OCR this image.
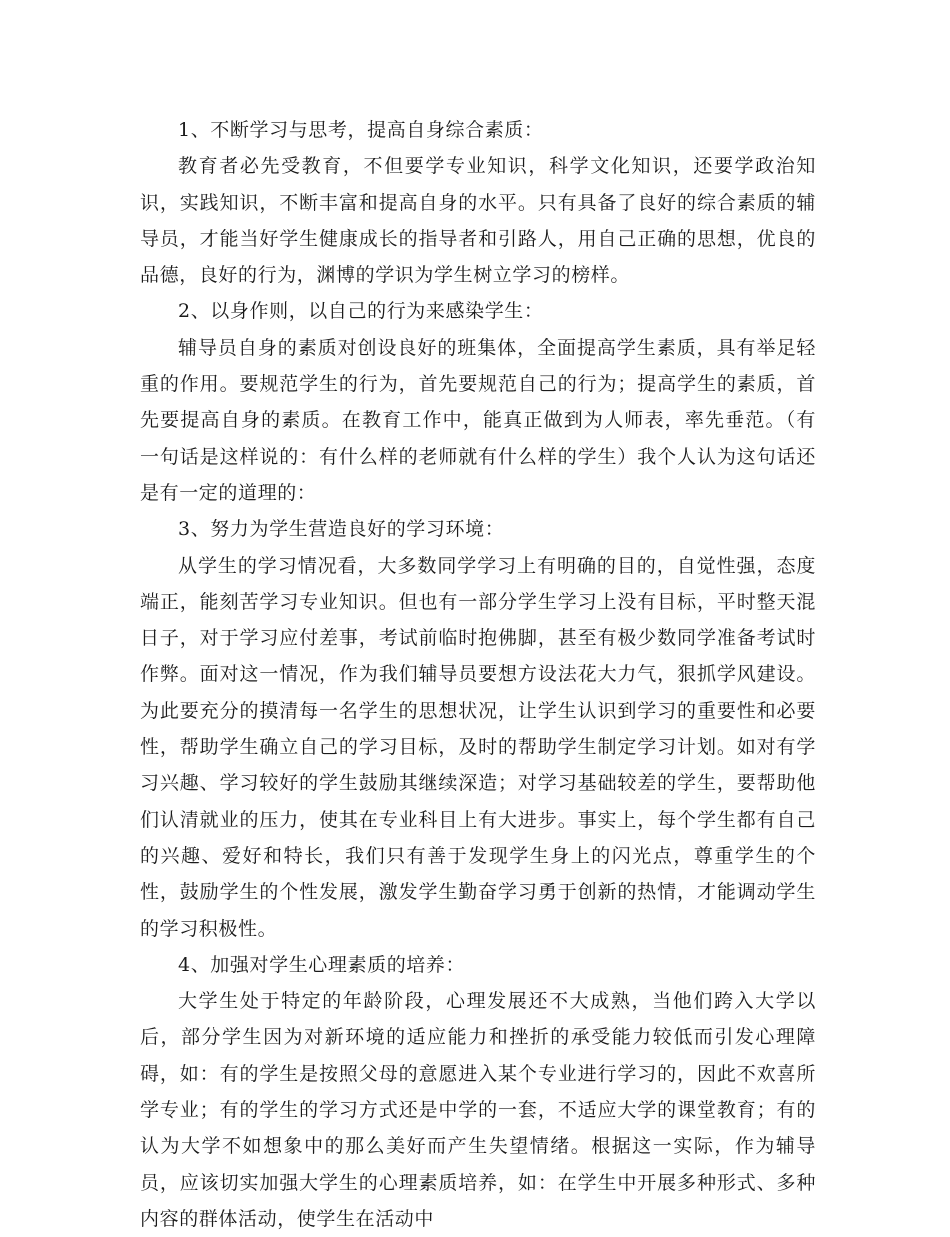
1、不断学习与思考，提高自身综合素质：

教育者必先受教育，不但要学专业知识，科学文化知识，还要学政治知识，实践知识，不断丰富和提高自身的水平。只有具备了良好的综合素质的辅导员，才能当好学生健康成长的指导者和引路人，用自己正确的思想，优良的品德，良好的行为，渊博的学识为学生树立学习的榜样。

2、以身作则，以自己的行为来感染学生：

辅导员自身的素质对创设良好的班集体，全面提高学生素质，具有举足轻重的作用。要规范学生的行为，首先要规范自己的行为；提高学生的素质，首先要提高自身的素质。在教育工作中，能真正做到为人师表，率先垂范。（有一句话是这样说的：有什么样的老师就有什么样的学生）我个人认为这句话还是有一定的道理的：

3、努力为学生营造良好的学习环境：

从学生的学习情况看，大多数同学学习上有明确的目的，自觉性强，态度端正，能刻苦学习专业知识。但也有一部分学生学习上没有目标，平时整天混日子，对于学习应付差事，考试前临时抱佛脚，甚至有极少数同学准备考试时作弊。面对这一情况，作为我们辅导员要想方设法花大力气，狠抓学风建设。为此要充分的摸清每一名学生的思想状况，让学生认识到学习的重要性和必要性，帮助学生确立自己的学习目标，及时的帮助学生制定学习计划。如对有学习兴趣、学习较好的学生鼓励其继续深造；对学习基础较差的学生，要帮助他们认清就业的压力，使其在专业科目上有大进步。事实上，每个学生都有自己的兴趣、爱好和特长，我们只有善于发现学生身上的闪光点，尊重学生的个性，鼓励学生的个性发展，激发学生勤奋学习勇于创新的热情，才能调动学生的学习积极性。

4、加强对学生心理素质的培养：

大学生处于特定的年龄阶段，心理发展还不大成熟，当他们跨入大学以后，部分学生因为对新环境的适应能力和挫折的承受能力较低而引发心理障碍，如：有的学生是按照父母的意愿进入某个专业进行学习的，因此不欢喜所学专业；有的学生的学习方式还是中学的一套，不适应大学的课堂教育；有的认为大学不如想象中的那么美好而产生失望情绪。根据这一实际，作为辅导员，应该切实加强大学生的心理素质培养，如：在学生中开展多种形式、多种内容的群体活动，使学生在活动中
